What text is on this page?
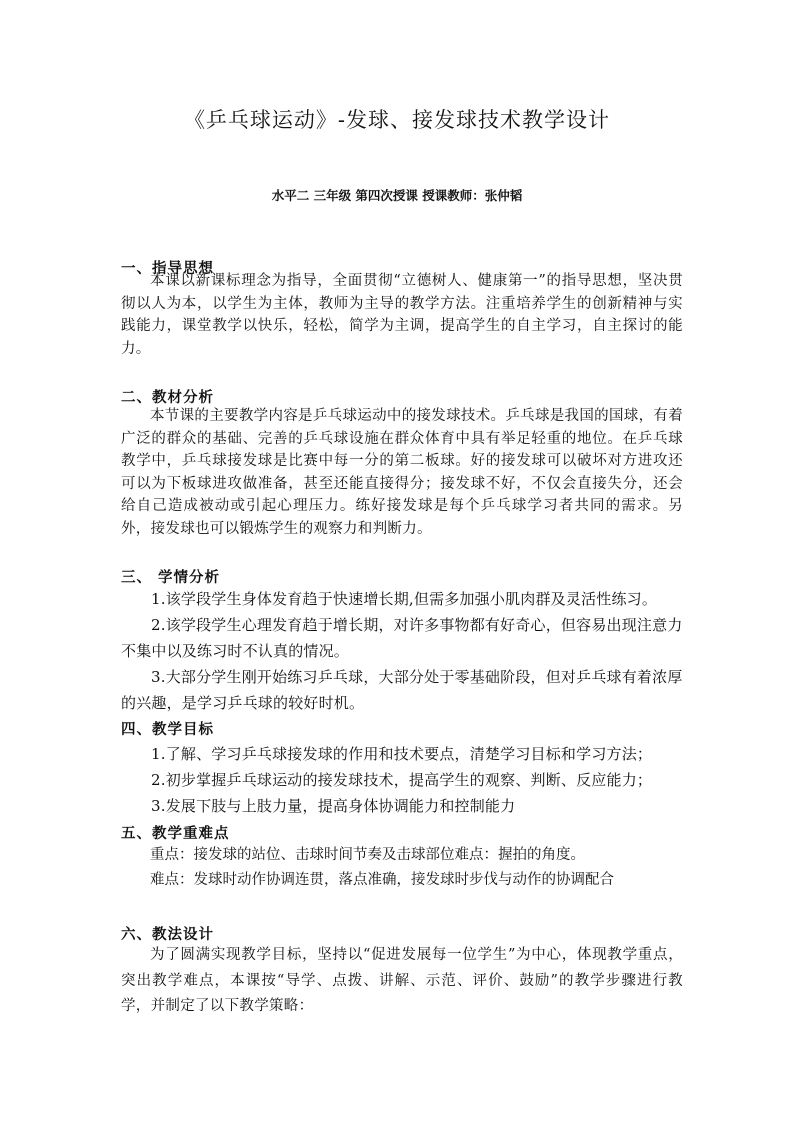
《乒乓球运动》-发球、接发球技术教学设计
水平二 三年级 第四次授课 授课教师：张仲韬
一、指导思想

本课以新课标理念为指导，全面贯彻“立德树人、健康第一”的指导思想，坚决贯彻以人为本，以学生为主体，教师为主导的教学方法。注重培养学生的创新精神与实践能力，课堂教学以快乐，轻松，简学为主调，提高学生的自主学习，自主探讨的能力。

二、教材分析

本节课的主要教学内容是乒乓球运动中的接发球技术。乒乓球是我国的国球，有着广泛的群众的基础、完善的乒乓球设施在群众体育中具有举足轻重的地位。在乒乓球教学中，乒乓球接发球是比赛中每一分的第二板球。好的接发球可以破坏对方进攻还可以为下板球进攻做准备，甚至还能直接得分；接发球不好，不仅会直接失分，还会给自己造成被动或引起心理压力。练好接发球是每个乒乓球学习者共同的需求。另外，接发球也可以锻炼学生的观察力和判断力。

三、 学情分析

1.该学段学生身体发育趋于快速增长期,但需多加强小肌肉群及灵活性练习。

2.该学段学生心理发育趋于增长期，对许多事物都有好奇心，但容易出现注意力不集中以及练习时不认真的情况。

3.大部分学生刚开始练习乒乓球，大部分处于零基础阶段，但对乒乓球有着浓厚的兴趣，是学习乒乓球的较好时机。

四、教学目标

1.了解、学习乒乓球接发球的作用和技术要点，清楚学习目标和学习方法；

2.初步掌握乒乓球运动的接发球技术，提高学生的观察、判断、反应能力；

3.发展下肢与上肢力量，提高身体协调能力和控制能力

五、教学重难点

重点：接发球的站位、击球时间节奏及击球部位难点：握拍的角度。

难点：发球时动作协调连贯，落点准确，接发球时步伐与动作的协调配合

六、教法设计

为了圆满实现教学目标，坚持以“促进发展每一位学生”为中心，体现教学重点，突出教学难点，本课按“导学、点拨、讲解、示范、评价、鼓励”的教学步骤进行教学，并制定了以下教学策略：
